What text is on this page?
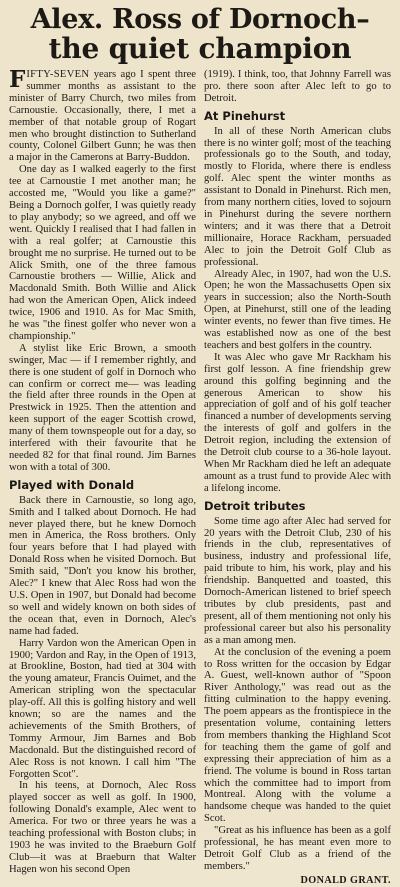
Alex. Ross of Dornoch–
the quiet champion

FIFTY-SEVEN years ago I spent three summer months as assistant to the minister of Barry Church, two miles from Carnoustie. Occasionally, there, I met a member of that notable group of Rogart men who brought distinction to Sutherland county, Colonel Gilbert Gunn; he was then a major in the Camerons at Barry-Buddon.

One day as I walked eagerly to the first tee at Carnoustie I met another man; he accosted me, "Would you like a game?" Being a Dornoch golfer, I was quietly ready to play anybody; so we agreed, and off we went. Quickly I realised that I had fallen in with a real golfer; at Carnoustie this brought me no surprise. He turned out to be Alick Smith, one of the three famous Carnoustie brothers — Willie, Alick and Macdonald Smith. Both Willie and Alick had won the American Open, Alick indeed twice, 1906 and 1910. As for Mac Smith, he was "the finest golfer who never won a championship."

A stylist like Eric Brown, a smooth swinger, Mac — if I remember rightly, and there is one student of golf in Dornoch who can confirm or correct me— was leading the field after three rounds in the Open at Prestwick in 1925. Then the attention and keen support of the eager Scottish crowd, many of them townspeople out for a day, so interfered with their favourite that he needed 82 for that final round. Jim Barnes won with a total of 300.

Played with Donald

Back there in Carnoustie, so long ago, Smith and I talked about Dornoch. He had never played there, but he knew Dornoch men in America, the Ross brothers. Only four years before that I had played with Donald Ross when he visited Dornoch. But Smith said, "Don't you know his brother, Alec?" I knew that Alec Ross had won the U.S. Open in 1907, but Donald had become so well and widely known on both sides of the ocean that, even in Dornoch, Alec's name had faded.

Harry Vardon won the American Open in 1900; Vardon and Ray, in the Open of 1913, at Brookline, Boston, had tied at 304 with the young amateur, Francis Ouimet, and the American stripling won the spectacular play-off. All this is golfing history and well known; so are the names and the achievements of the Smith Brothers, of Tommy Armour, Jim Barnes and Bob Macdonald. But the distinguished record of Alec Ross is not known. I call him "The Forgotten Scot".

In his teens, at Dornoch, Alec Ross played soccer as well as golf. In 1900, following Donald's example, Alec went to America. For two or three years he was a teaching professional with Boston clubs; in 1903 he was invited to the Braeburn Golf Club—it was at Braeburn that Walter Hagen won his second Open

(1919). I think, too, that Johnny Farrell was pro. there soon after Alec left to go to Detroit.

At Pinehurst

In all of these North American clubs there is no winter golf; most of the teaching professionals go to the South, and today, mostly to Florida, where there is endless golf. Alec spent the winter months as assistant to Donald in Pinehurst. Rich men, from many northern cities, loved to sojourn in Pinehurst during the severe northern winters; and it was there that a Detroit millionaire, Horace Rackham, persuaded Alec to join the Detroit Golf Club as professional.

Already Alec, in 1907, had won the U.S. Open; he won the Massachusetts Open six years in succession; also the North-South Open, at Pinehurst, still one of the leading winter events, no fewer than five times. He was established now as one of the best teachers and best golfers in the country.

It was Alec who gave Mr Rackham his first golf lesson. A fine friendship grew around this golfing beginning and the generous American to show his appreciation of golf and of his golf teacher financed a number of developments serving the interests of golf and golfers in the Detroit region, including the extension of the Detroit club course to a 36-hole layout. When Mr Rackham died he left an adequate amount as a trust fund to provide Alec with a lifelong income.

Detroit tributes

Some time ago after Alec had served for 20 years with the Detroit Club, 230 of his friends in the club, representatives of business, industry and professional life, paid tribute to him, his work, play and his friendship. Banquetted and toasted, this Dornoch-American listened to brief speech tributes by club presidents, past and present, all of them mentioning not only his professional career but also his personality as a man among men.

At the conclusion of the evening a poem to Ross written for the occasion by Edgar A. Guest, well-known author of "Spoon River Anthology," was read out as the fitting culmination to the happy evening. The poem appears as the frontispiece in the presentation volume, containing letters from members thanking the Highland Scot for teaching them the game of golf and expressing their appreciation of him as a friend. The volume is bound in Ross tartan which the committee had to import from Montreal. Along with the volume a handsome cheque was handed to the quiet Scot.

"Great as his influence has been as a golf professional, he has meant even more to Detroit Golf Club as a friend of the members."

DONALD GRANT.
